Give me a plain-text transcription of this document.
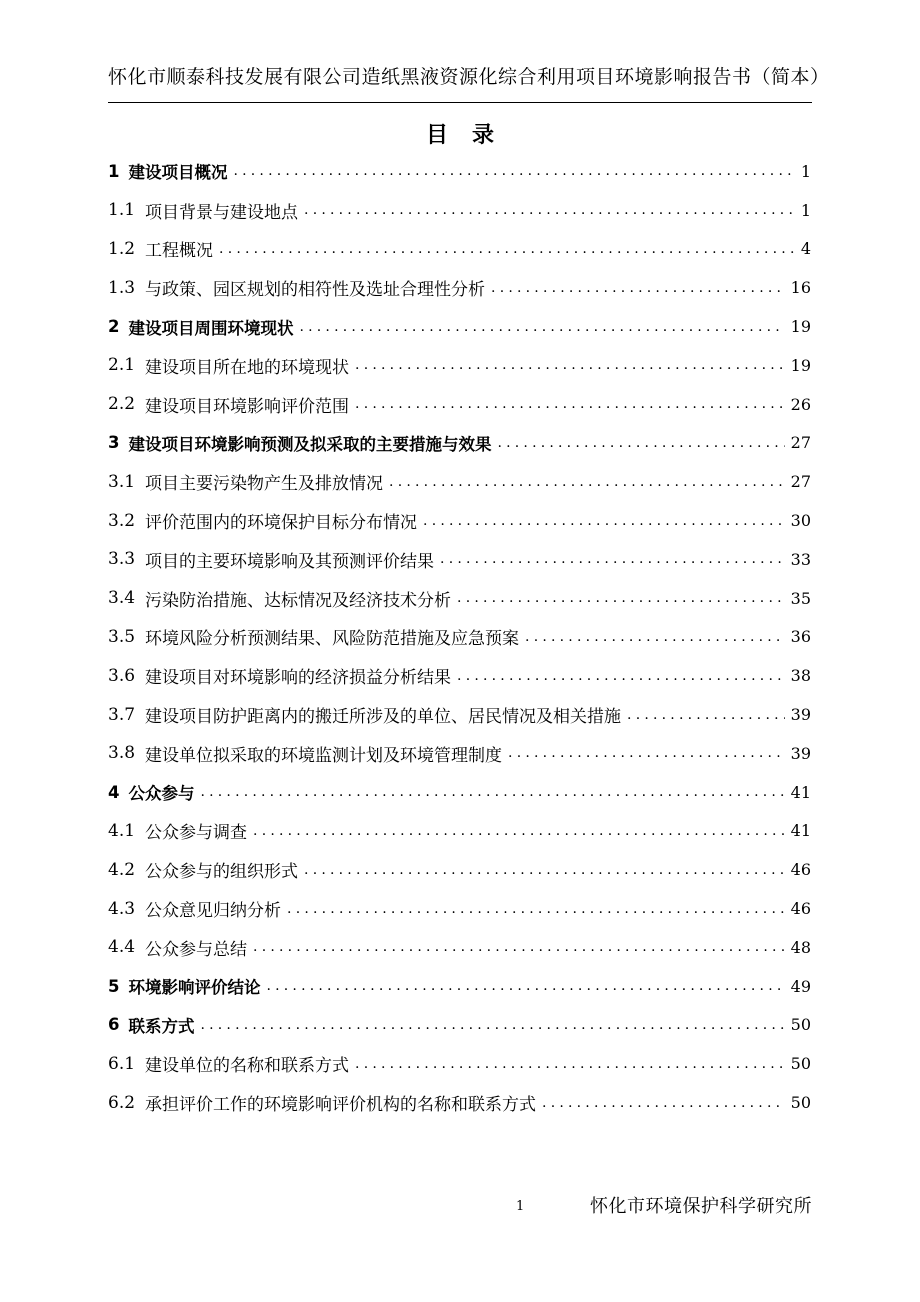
怀化市顺泰科技发展有限公司造纸黑液资源化综合利用项目环境影响报告书（简本）
目录
1 建设项目概况 .....	1
1.1 项目背景与建设地点 .....	1
1.2 工程概况 .....	4
1.3 与政策、园区规划的相符性及选址合理性分析 .....	16
2 建设项目周围环境现状 .....	19
2.1 建设项目所在地的环境现状 .....	19
2.2 建设项目环境影响评价范围 .....	26
3 建设项目环境影响预测及拟采取的主要措施与效果 .....	27
3.1 项目主要污染物产生及排放情况 .....	27
3.2 评价范围内的环境保护目标分布情况 .....	30
3.3 项目的主要环境影响及其预测评价结果 .....	33
3.4 污染防治措施、达标情况及经济技术分析 .....	35
3.5 环境风险分析预测结果、风险防范措施及应急预案 .....	36
3.6 建设项目对环境影响的经济损益分析结果 .....	38
3.7 建设项目防护距离内的搬迁所涉及的单位、居民情况及相关措施 .....	39
3.8 建设单位拟采取的环境监测计划及环境管理制度 .....	39
4 公众参与 .....	41
4.1 公众参与调查 .....	41
4.2 公众参与的组织形式 .....	46
4.3 公众意见归纳分析 .....	46
4.4 公众参与总结 .....	48
5 环境影响评价结论 .....	49
6 联系方式 .....	50
6.1 建设单位的名称和联系方式 .....	50
6.2 承担评价工作的环境影响评价机构的名称和联系方式 .....	50
1	怀化市环境保护科学研究所
